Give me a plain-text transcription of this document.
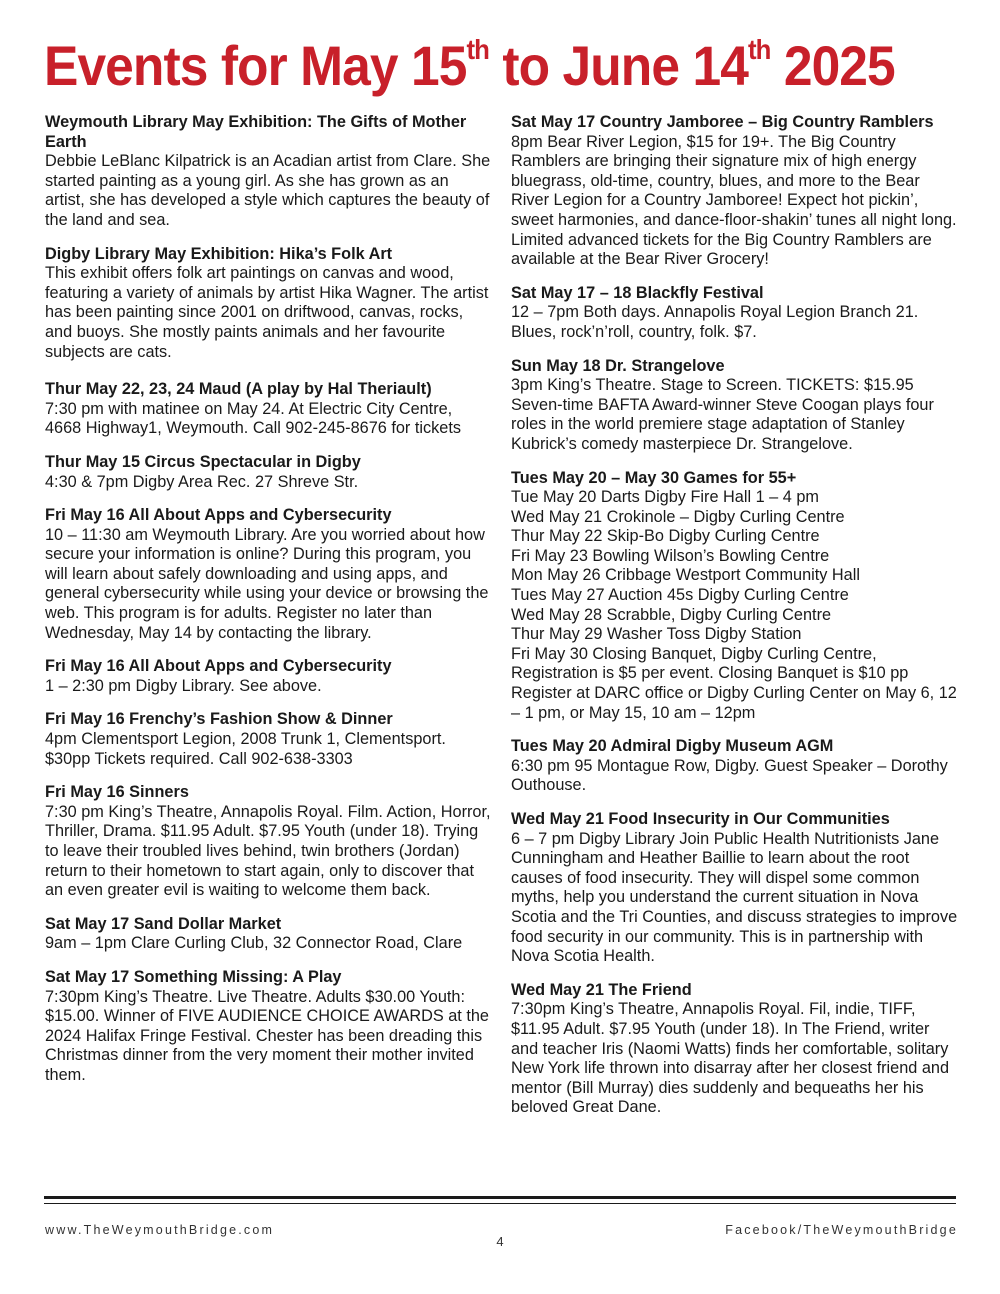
Events for May 15th to June 14th 2025
Weymouth Library May Exhibition: The Gifts of Mother Earth
Debbie LeBlanc Kilpatrick is an Acadian artist from Clare. She started painting as a young girl. As she has grown as an artist, she has developed a style which captures the beauty of the land and sea.
Digby Library May Exhibition: Hika’s Folk Art
This exhibit offers folk art paintings on canvas and wood, featuring a variety of animals by artist Hika Wagner. The artist has been painting since 2001 on driftwood, canvas, rocks, and buoys. She mostly paints animals and her favourite subjects are cats.
Thur May 22, 23, 24 Maud (A play by Hal Theriault)
7:30 pm with matinee on May 24. At Electric City Centre, 4668 Highway1, Weymouth. Call 902-245-8676 for tickets
Thur May 15 Circus Spectacular in Digby
4:30 & 7pm Digby Area Rec. 27 Shreve Str.
Fri May 16 All About Apps and Cybersecurity
10 – 11:30 am Weymouth Library. Are you worried about how secure your information is online? During this program, you will learn about safely downloading and using apps, and general cybersecurity while using your device or browsing the web. This program is for adults. Register no later than Wednesday, May 14 by contacting the library.
Fri May 16 All About Apps and Cybersecurity
1 – 2:30 pm Digby Library. See above.
Fri May 16 Frenchy’s Fashion Show & Dinner
4pm Clementsport Legion, 2008 Trunk 1, Clementsport. $30pp Tickets required. Call 902-638-3303
Fri May 16 Sinners
7:30 pm King’s Theatre, Annapolis Royal. Film. Action, Horror, Thriller, Drama. $11.95 Adult. $7.95 Youth (under 18). Trying to leave their troubled lives behind, twin brothers (Jordan) return to their hometown to start again, only to discover that an even greater evil is waiting to welcome them back.
Sat May 17 Sand Dollar Market
9am – 1pm Clare Curling Club, 32 Connector Road, Clare
Sat May 17 Something Missing: A Play
7:30pm King’s Theatre. Live Theatre. Adults $30.00 Youth: $15.00. Winner of FIVE AUDIENCE CHOICE AWARDS at the 2024 Halifax Fringe Festival. Chester has been dreading this Christmas dinner from the very moment their mother invited them.
Sat May 17 Country Jamboree – Big Country Ramblers
8pm Bear River Legion, $15 for 19+. The Big Country Ramblers are bringing their signature mix of high energy bluegrass, old-time, country, blues, and more to the Bear River Legion for a Country Jamboree! Expect hot pickin’, sweet harmonies, and dance-floor-shakin’ tunes all night long. Limited advanced tickets for the Big Country Ramblers are available at the Bear River Grocery!
Sat May 17 – 18 Blackfly Festival
12 – 7pm Both days. Annapolis Royal Legion Branch 21. Blues, rock’n’roll, country, folk. $7.
Sun May 18 Dr. Strangelove
3pm King’s Theatre. Stage to Screen. TICKETS: $15.95 Seven-time BAFTA Award-winner Steve Coogan plays four roles in the world premiere stage adaptation of Stanley Kubrick’s comedy masterpiece Dr. Strangelove.
Tues May 20 – May 30 Games for 55+
Tue May 20 Darts Digby Fire Hall 1 – 4 pm
Wed May 21 Crokinole – Digby Curling Centre
Thur May 22 Skip-Bo Digby Curling Centre
Fri May 23 Bowling Wilson’s Bowling Centre
Mon May 26 Cribbage Westport Community Hall
Tues May 27 Auction 45s Digby Curling Centre
Wed May 28 Scrabble, Digby Curling Centre
Thur May 29 Washer Toss Digby Station
Fri May 30 Closing Banquet, Digby Curling Centre, Registration is $5 per event. Closing Banquet is $10 pp Register at DARC office or Digby Curling Center on May 6, 12 – 1 pm, or May 15, 10 am – 12pm
Tues May 20 Admiral Digby Museum AGM
6:30 pm 95 Montague Row, Digby. Guest Speaker – Dorothy Outhouse.
Wed May 21 Food Insecurity in Our Communities
6 – 7 pm Digby Library Join Public Health Nutritionists Jane Cunningham and Heather Baillie to learn about the root causes of food insecurity. They will dispel some common myths, help you understand the current situation in Nova Scotia and the Tri Counties, and discuss strategies to improve food security in our community. This is in partnership with Nova Scotia Health.
Wed May 21 The Friend
7:30pm King’s Theatre, Annapolis Royal. Fil, indie, TIFF, $11.95 Adult. $7.95 Youth (under 18). In The Friend, writer and teacher Iris (Naomi Watts) finds her comfortable, solitary New York life thrown into disarray after her closest friend and mentor (Bill Murray) dies suddenly and bequeaths her his beloved Great Dane.
www.TheWeymouthBridge.com
4
Facebook/TheWeymouthBridge
